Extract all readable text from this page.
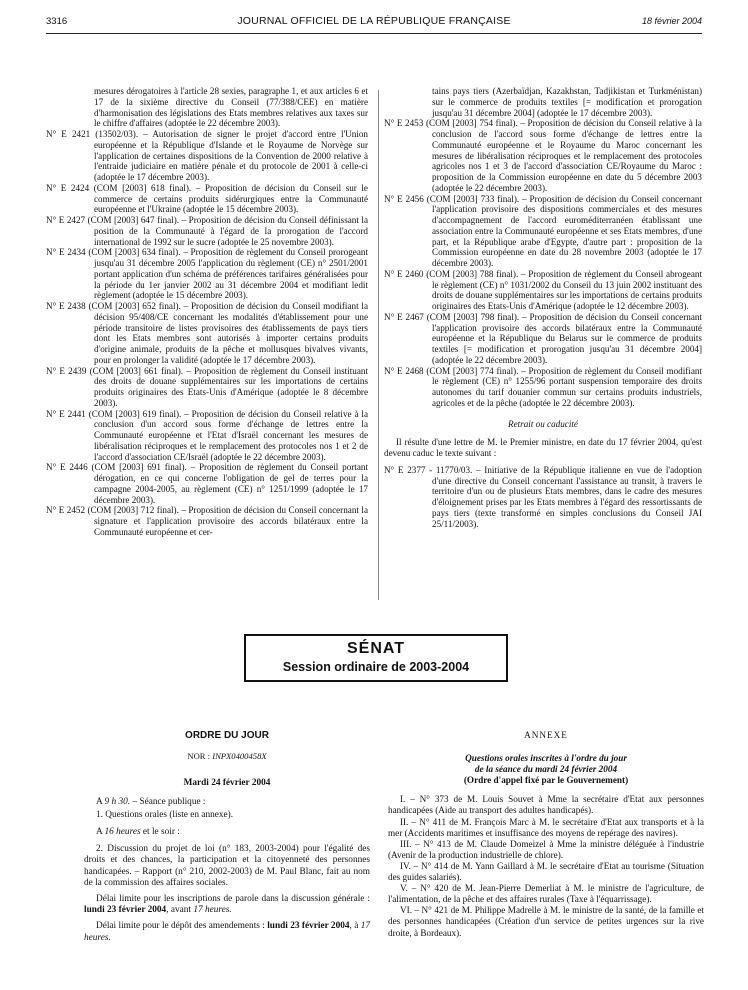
3316	JOURNAL OFFICIEL DE LA RÉPUBLIQUE FRANÇAISE	18 février 2004
mesures dérogatoires à l'article 28 sexies, paragraphe 1, et aux articles 6 et 17 de la sixième directive du Conseil (77/388/CEE) en matière d'harmonisation des législations des Etats membres relatives aux taxes sur le chiffre d'affaires (adoptée le 22 décembre 2003).
N° E 2421 (13502/03). – Autorisation de signer le projet d'accord entre l'Union européenne et la République d'Islande et le Royaume de Norvège sur l'application de certaines dispositions de la Convention de 2000 relative à l'entraide judiciaire en matière pénale et du protocole de 2001 à celle-ci (adoptée le 17 décembre 2003).
N° E 2424 (COM [2003] 618 final). – Proposition de décision du Conseil sur le commerce de certains produits sidérurgiques entre la Communauté européenne et l'Ukraine (adoptée le 15 décembre 2003).
N° E 2427 (COM [2003] 647 final). – Proposition de décision du Conseil définissant la position de la Communauté à l'égard de la prorogation de l'accord international de 1992 sur le sucre (adoptée le 25 novembre 2003).
N° E 2434 (COM [2003] 634 final). – Proposition de règlement du Conseil prorogeant jusqu'au 31 décembre 2005 l'application du règlement (CE) n° 2501/2001 portant application d'un schéma de préférences tarifaires généralisées pour la période du 1er janvier 2002 au 31 décembre 2004 et modifiant ledit règlement (adoptée le 15 décembre 2003).
N° E 2438 (COM [2003] 652 final). – Proposition de décision du Conseil modifiant la décision 95/408/CE concernant les modalités d'établissement pour une période transitoire de listes provisoires des établissements de pays tiers dont les Etats membres sont autorisés à importer certains produits d'origine animale, produits de la pêche et mollusques bivalves vivants, pour en prolonger la validité (adoptée le 17 décembre 2003).
N° E 2439 (COM [2003] 661 final). – Proposition de règlement du Conseil instituant des droits de douane supplémentaires sur les importations de certains produits originaires des Etats-Unis d'Amérique (adoptée le 8 décembre 2003).
N° E 2441 (COM [2003] 619 final). – Proposition de décision du Conseil relative à la conclusion d'un accord sous forme d'échange de lettres entre la Communauté européenne et l'Etat d'Israël concernant les mesures de libéralisation réciproques et le remplacement des protocoles nos 1 et 2 de l'accord d'association CE/Israël (adoptée le 22 décembre 2003).
N° E 2446 (COM [2003] 691 final). – Proposition de règlement du Conseil portant dérogation, en ce qui concerne l'obligation de gel de terres pour la campagne 2004-2005, au règlement (CE) n° 1251/1999 (adoptée le 17 décembre 2003).
N° E 2452 (COM [2003] 712 final). – Proposition de décision du Conseil concernant la signature et l'application provisoire des accords bilatéraux entre la Communauté européenne et cer-
tains pays tiers (Azerbaïdjan, Kazakhstan, Tadjikistan et Turkménistan) sur le commerce de produits textiles [= modification et prorogation jusqu'au 31 décembre 2004] (adoptée le 17 décembre 2003).
N° E 2453 (COM [2003] 754 final). – Proposition de décision du Conseil relative à la conclusion de l'accord sous forme d'échange de lettres entre la Communauté européenne et le Royaume du Maroc concernant les mesures de libéralisation réciproques et le remplacement des protocoles agricoles nos 1 et 3 de l'accord d'association CE/Royaume du Maroc : proposition de la Commission européenne en date du 5 décembre 2003 (adoptée le 22 décembre 2003).
N° E 2456 (COM [2003] 733 final). – Proposition de décision du Conseil concernant l'application provisoire des dispositions commerciales et des mesures d'accompagnement de l'accord euroméditerranéen établissant une association entre la Communauté européenne et ses Etats membres, d'une part, et la République arabe d'Egypte, d'autre part : proposition de la Commission européenne en date du 28 novembre 2003 (adoptée le 17 décembre 2003).
N° E 2460 (COM [2003] 788 final). – Proposition de règlement du Conseil abrogeant le règlement (CE) n° 1031/2002 du Conseil du 13 juin 2002 instituant des droits de douane supplémentaires sur les importations de certains produits originaires des Etats-Unis d'Amérique (adoptée le 12 décembre 2003).
N° E 2467 (COM [2003] 798 final). – Proposition de décision du Conseil concernant l'application provisoire des accords bilatéraux entre la Communauté européenne et la République du Belarus sur le commerce de produits textiles [= modification et prorogation jusqu'au 31 décembre 2004] (adoptée le 22 décembre 2003).
N° E 2468 (COM [2003] 774 final). – Proposition de règlement du Conseil modifiant le règlement (CE) n° 1255/96 portant suspension temporaire des droits autonomes du tarif douanier commun sur certains produits industriels, agricoles et de la pêche (adoptée le 22 décembre 2003).
Retrait ou caducité

Il résulte d'une lettre de M. le Premier ministre, en date du 17 février 2004, qu'est devenu caduc le texte suivant :

N° E 2377 - 11770/03. – Initiative de la République italienne en vue de l'adoption d'une directive du Conseil concernant l'assistance au transit, à travers le territoire d'un ou de plusieurs Etats membres, dans le cadre des mesures d'éloignement prises par les Etats membres à l'égard des ressortissants de pays tiers (texte transformé en simples conclusions du Conseil JAI 25/11/2003).
SÉNAT
Session ordinaire de 2003-2004
ORDRE DU JOUR
NOR : INPX0400458X
Mardi 24 février 2004

A 9 h 30. – Séance publique :

1. Questions orales (liste en annexe).

A 16 heures et le soir :

2. Discussion du projet de loi (n° 183, 2003-2004) pour l'égalité des droits et des chances, la participation et la citoyenneté des personnes handicapées. – Rapport (n° 210, 2002-2003) de M. Paul Blanc, fait au nom de la commission des affaires sociales.

Délai limite pour les inscriptions de parole dans la discussion générale : lundi 23 février 2004, avant 17 heures.

Délai limite pour le dépôt des amendements : lundi 23 février 2004, à 17 heures.

ANNEXE
Questions orales inscrites à l'ordre du jour
de la séance du mardi 24 février 2004
(Ordre d'appel fixé par le Gouvernement)

I. – N° 373 de M. Louis Souvet à Mme la secrétaire d'Etat aux personnes handicapées (Aide au transport des adultes handicapés).

II. – N° 411 de M. François Marc à M. le secrétaire d'Etat aux transports et à la mer (Accidents maritimes et insuffisance des moyens de repérage des navires).

III. – N° 413 de M. Claude Domeizel à Mme la ministre déléguée à l'industrie (Avenir de la production industrielle de chlore).

IV. – N° 414 de M. Yann Gaillard à M. le secrétaire d'Etat au tourisme (Situation des guides salariés).

V. – N° 420 de M. Jean-Pierre Demerliat à M. le ministre de l'agriculture, de l'alimentation, de la pêche et des affaires rurales (Taxe à l'équarrissage).

VI. – N° 421 de M. Philippe Madrelle à M. le ministre de la santé, de la famille et des personnes handicapées (Création d'un service de petites urgences sur la rive droite, à Bordeaux).
